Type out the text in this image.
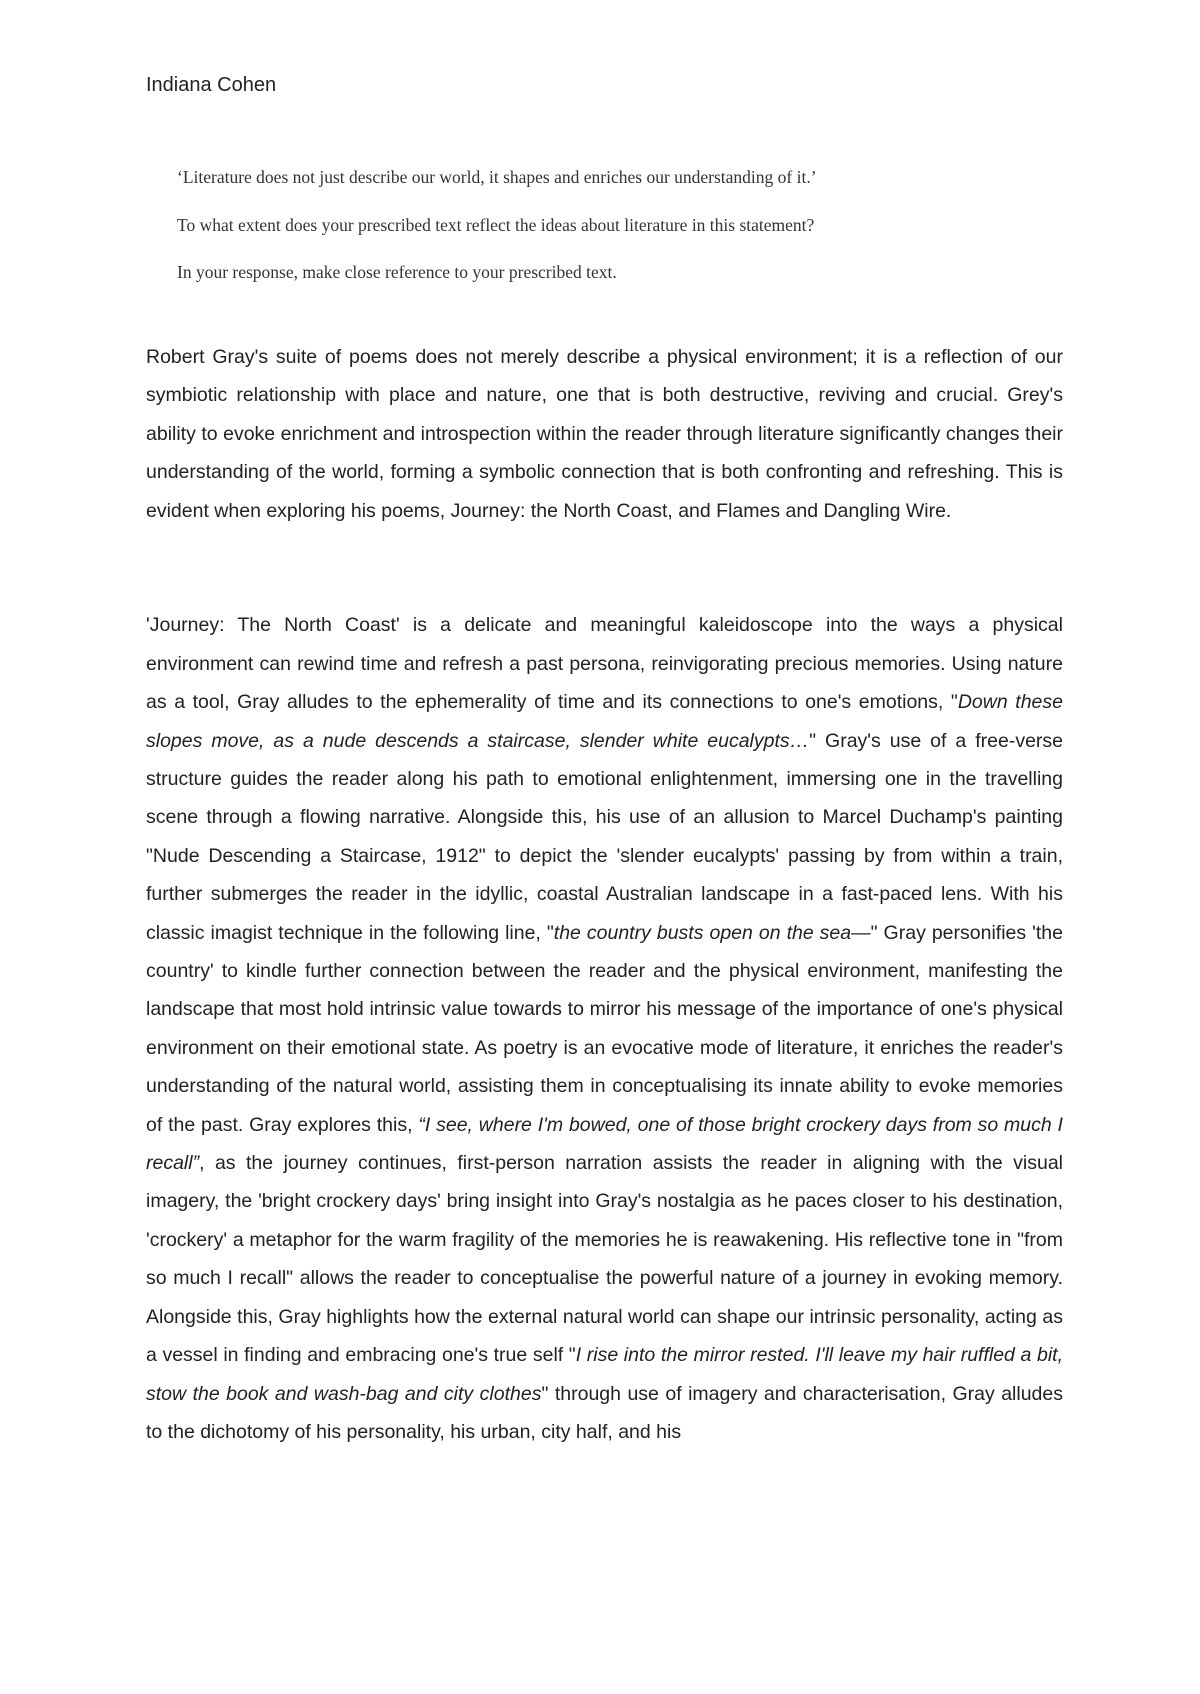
Indiana Cohen

‘Literature does not just describe our world, it shapes and enriches our understanding of it.’

To what extent does your prescribed text reflect the ideas about literature in this statement?

In your response, make close reference to your prescribed text.

Robert Gray's suite of poems does not merely describe a physical environment; it is a reflection of our symbiotic relationship with place and nature, one that is both destructive, reviving and crucial. Grey's ability to evoke enrichment and introspection within the reader through literature significantly changes their understanding of the world, forming a symbolic connection that is both confronting and refreshing. This is evident when exploring his poems, Journey: the North Coast, and Flames and Dangling Wire.

'Journey: The North Coast' is a delicate and meaningful kaleidoscope into the ways a physical environment can rewind time and refresh a past persona, reinvigorating precious memories. Using nature as a tool, Gray alludes to the ephemerality of time and its connections to one's emotions, "Down these slopes move, as a nude descends a staircase, slender white eucalypts…" Gray's use of a free-verse structure guides the reader along his path to emotional enlightenment, immersing one in the travelling scene through a flowing narrative. Alongside this, his use of an allusion to Marcel Duchamp's painting "Nude Descending a Staircase, 1912" to depict the 'slender eucalypts' passing by from within a train, further submerges the reader in the idyllic, coastal Australian landscape in a fast-paced lens. With his classic imagist technique in the following line, "the country busts open on the sea—" Gray personifies 'the country' to kindle further connection between the reader and the physical environment, manifesting the landscape that most hold intrinsic value towards to mirror his message of the importance of one's physical environment on their emotional state. As poetry is an evocative mode of literature, it enriches the reader's understanding of the natural world, assisting them in conceptualising its innate ability to evoke memories of the past. Gray explores this, “I see, where I'm bowed, one of those bright crockery days from so much I recall”, as the journey continues, first-person narration assists the reader in aligning with the visual imagery, the 'bright crockery days' bring insight into Gray's nostalgia as he paces closer to his destination, 'crockery' a metaphor for the warm fragility of the memories he is reawakening. His reflective tone in "from so much I recall" allows the reader to conceptualise the powerful nature of a journey in evoking memory. Alongside this, Gray highlights how the external natural world can shape our intrinsic personality, acting as a vessel in finding and embracing one's true self "I rise into the mirror rested. I'll leave my hair ruffled a bit, stow the book and wash-bag and city clothes" through use of imagery and characterisation, Gray alludes to the dichotomy of his personality, his urban, city half, and his
